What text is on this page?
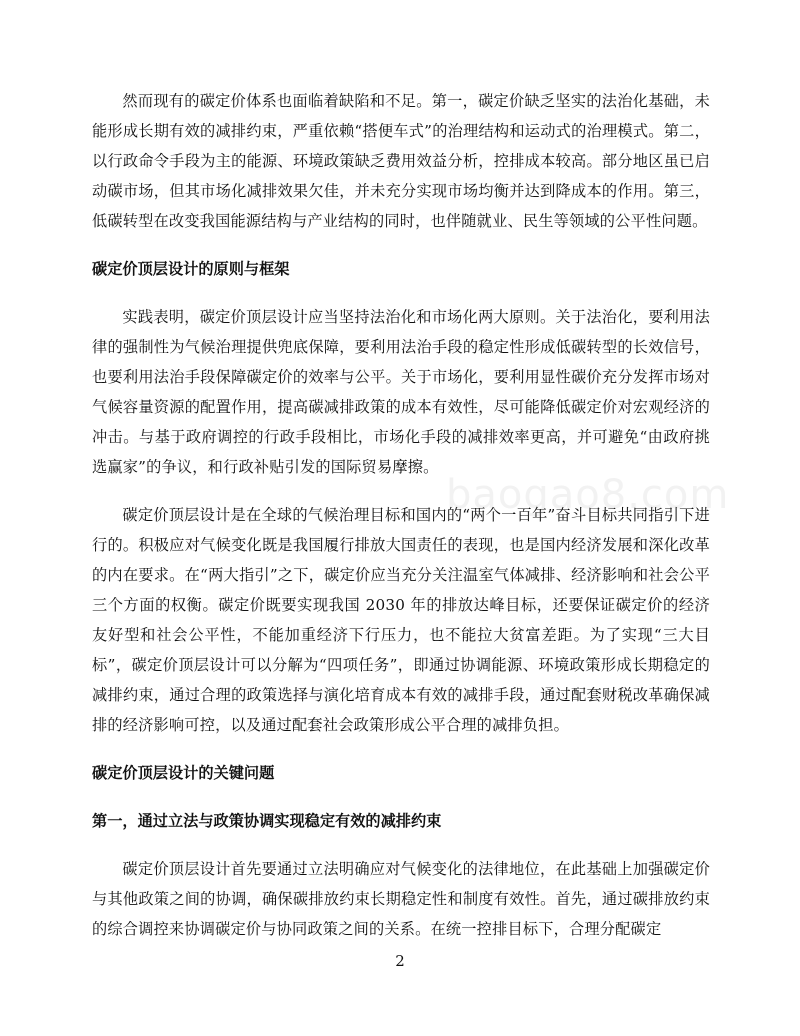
然而现有的碳定价体系也面临着缺陷和不足。第一，碳定价缺乏坚实的法治化基础，未能形成长期有效的减排约束，严重依赖“搭便车式”的治理结构和运动式的治理模式。第二，以行政命令手段为主的能源、环境政策缺乏费用效益分析，控排成本较高。部分地区虽已启动碳市场，但其市场化减排效果欠佳，并未充分实现市场均衡并达到降成本的作用。第三，低碳转型在改变我国能源结构与产业结构的同时，也伴随就业、民生等领域的公平性问题。

碳定价顶层设计的原则与框架

实践表明，碳定价顶层设计应当坚持法治化和市场化两大原则。关于法治化，要利用法律的强制性为气候治理提供兜底保障，要利用法治手段的稳定性形成低碳转型的长效信号，也要利用法治手段保障碳定价的效率与公平。关于市场化，要利用显性碳价充分发挥市场对气候容量资源的配置作用，提高碳减排政策的成本有效性，尽可能降低碳定价对宏观经济的冲击。与基于政府调控的行政手段相比，市场化手段的减排效率更高，并可避免“由政府挑选赢家”的争议，和行政补贴引发的国际贸易摩擦。

碳定价顶层设计是在全球的气候治理目标和国内的“两个一百年”奋斗目标共同指引下进行的。积极应对气候变化既是我国履行排放大国责任的表现，也是国内经济发展和深化改革的内在要求。在“两大指引”之下，碳定价应当充分关注温室气体减排、经济影响和社会公平三个方面的权衡。碳定价既要实现我国 2030 年的排放达峰目标，还要保证碳定价的经济友好型和社会公平性，不能加重经济下行压力，也不能拉大贫富差距。为了实现“三大目标”，碳定价顶层设计可以分解为“四项任务”，即通过协调能源、环境政策形成长期稳定的减排约束，通过合理的政策选择与演化培育成本有效的减排手段，通过配套财税改革确保减排的经济影响可控，以及通过配套社会政策形成公平合理的减排负担。

碳定价顶层设计的关键问题
第一，通过立法与政策协调实现稳定有效的减排约束

碳定价顶层设计首先要通过立法明确应对气候变化的法律地位，在此基础上加强碳定价与其他政策之间的协调，确保碳排放约束长期稳定性和制度有效性。首先，通过碳排放约束的综合调控来协调碳定价与协同政策之间的关系。在统一控排目标下，合理分配碳定

baogao8.com
2
